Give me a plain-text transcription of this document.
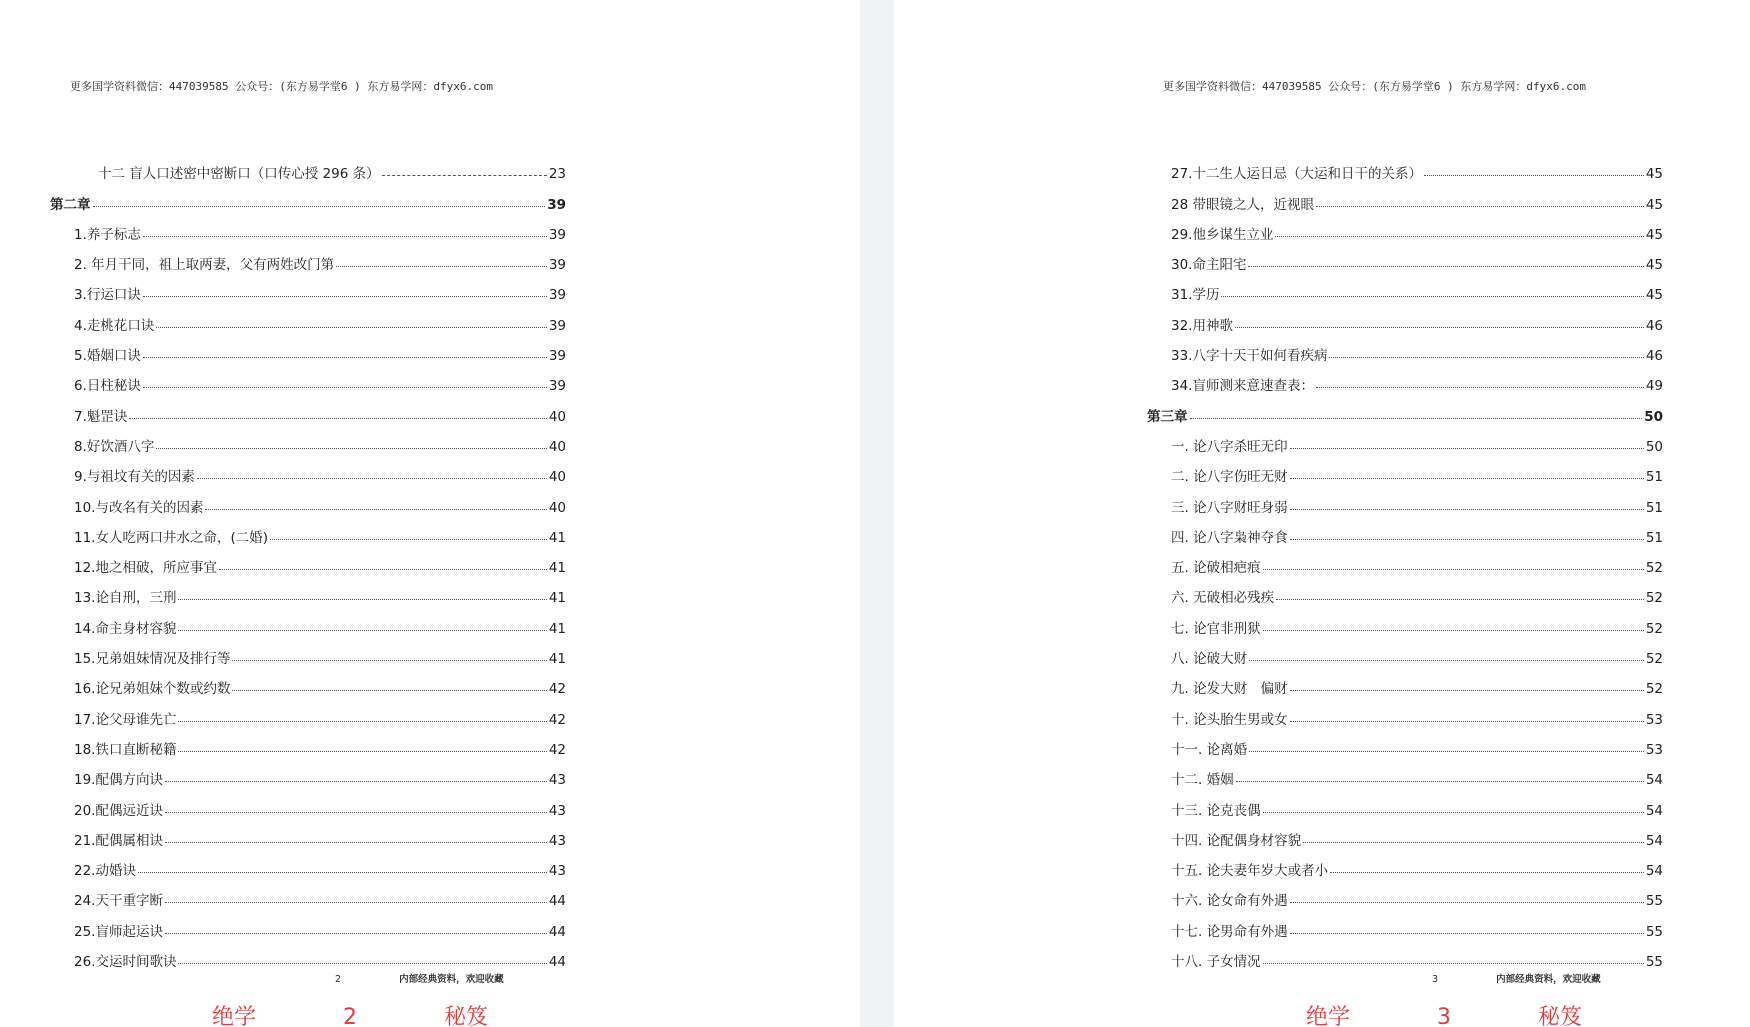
更多国学资料微信：447039585 公众号：(东方易学堂6 ) 东方易学网：dfyx6.com
十二 盲人口述密中密断口（口传心授 296 条）	23
第二章	39
1.养子标志	39
2. 年月干同，祖上取两妻，父有两姓改门第	39
3.行运口诀	39
4.走桃花口诀	39
5.婚姻口诀	39
6.日柱秘诀	39
7.魁罡诀	40
8.好饮酒八字	40
9.与祖坟有关的因素	40
10.与改名有关的因素	40
11.女人吃两口井水之命，(二婚)	41
12.地之相破，所应事宜	41
13.论自刑，三刑	41
14.命主身材容貌	41
15.兄弟姐妹情况及排行等	41
16.论兄弟姐妹个数或约数	42
17.论父母谁先亡	42
18.铁口直断秘籍	42
19.配偶方向诀	43
20.配偶远近诀	43
21.配偶属相诀	43
22.动婚诀	43
24.天干重字断	44
25.盲师起运诀	44
26.交运时间歌诀	44
2	内部经典资料，欢迎收藏
绝学	2	秘笈
更多国学资料微信：447039585 公众号：(东方易学堂6 ) 东方易学网：dfyx6.com
27.十二生人运日忌（大运和日干的关系）	45
28 带眼镜之人，近视眼	45
29.他乡谋生立业	45
30.命主阳宅	45
31.学历	45
32.用神歌	46
33.八字十天干如何看疾病	46
34.盲师测来意速查表：	49
第三章	50
一. 论八字杀旺无印	50
二. 论八字伤旺无财	51
三. 论八字财旺身弱	51
四. 论八字枭神夺食	51
五. 论破相疤痕	52
六. 无破相必残疾	52
七. 论官非刑狱	52
八. 论破大财	52
九. 论发大财　偏财	52
十. 论头胎生男或女	53
十一. 论离婚	53
十二. 婚姻	54
十三. 论克丧偶	54
十四. 论配偶身材容貌	54
十五. 论夫妻年岁大或者小	54
十六. 论女命有外遇	55
十七. 论男命有外遇	55
十八. 子女情况	55
3	内部经典资料，欢迎收藏
绝学	3	秘笈
